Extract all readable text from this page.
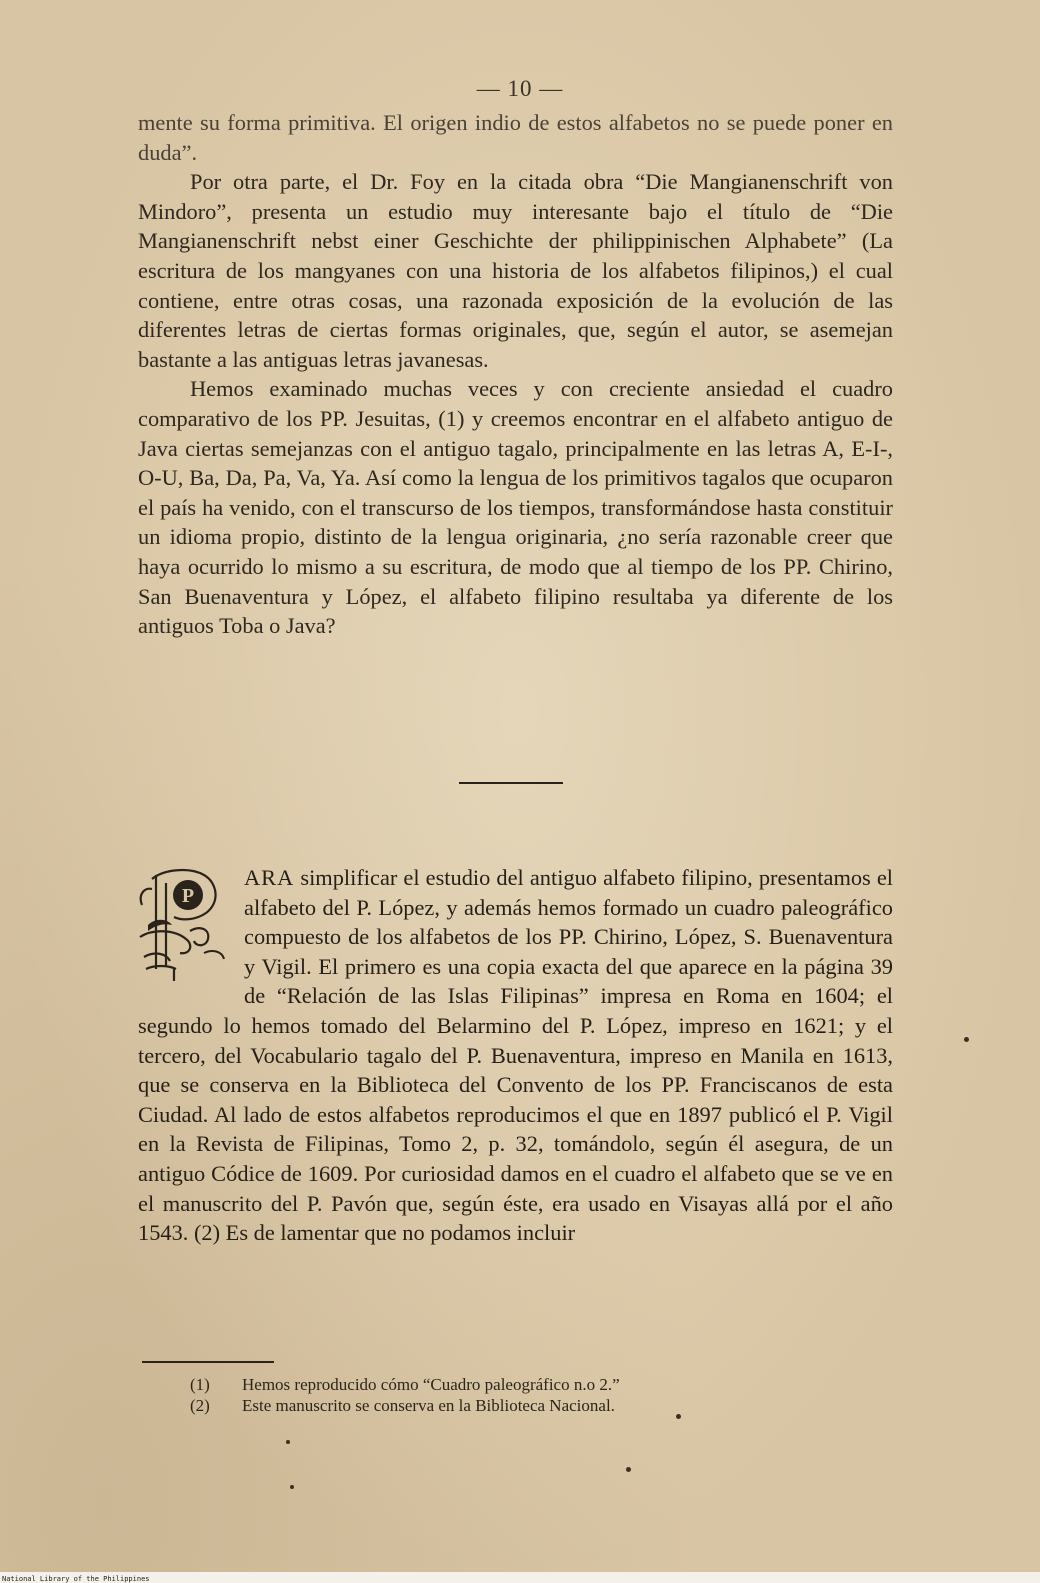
— 10 —

mente su forma primitiva. El origen indio de estos alfabetos no se puede poner en duda”.

Por otra parte, el Dr. Foy en la citada obra “Die Mangianenschrift von Mindoro”, presenta un estudio muy interesante bajo el título de “Die Mangianenschrift nebst einer Geschichte der philippinischen Alphabete” (La escritura de los mangyanes con una historia de los alfabetos filipinos,) el cual contiene, entre otras cosas, una razonada exposición de la evolución de las diferentes letras de ciertas formas originales, que, según el autor, se asemejan bastante a las antiguas letras javanesas.

Hemos examinado muchas veces y con creciente ansiedad el cuadro comparativo de los PP. Jesuitas, (1) y creemos encontrar en el alfabeto antiguo de Java ciertas semejanzas con el antiguo tagalo, principalmente en las letras A, E-I-, O-U, Ba, Da, Pa, Va, Ya. Así como la lengua de los primitivos tagalos que ocuparon el país ha venido, con el transcurso de los tiempos, transformándose hasta constituir un idioma propio, distinto de la lengua originaria, ¿no sería razonable creer que haya ocurrido lo mismo a su escritura, de modo que al tiempo de los PP. Chirino, San Buenaventura y López, el alfabeto filipino resultaba ya diferente de los antiguos Toba o Java?

P

ARA simplificar el estudio del antiguo alfabeto filipino, presentamos el alfabeto del P. López, y además hemos formado un cuadro paleográfico compuesto de los alfabetos de los PP. Chirino, López, S. Buenaventura y Vigil. El primero es una copia exacta del que aparece en la página 39 de “Relación de las Islas Filipinas” impresa en Roma en 1604; el segundo lo hemos tomado del Belarmino del P. López, impreso en 1621; y el tercero, del Vocabulario tagalo del P. Buenaventura, impreso en Manila en 1613, que se conserva en la Biblioteca del Convento de los PP. Franciscanos de esta Ciudad. Al lado de estos alfabetos reproducimos el que en 1897 publicó el P. Vigil en la Revista de Filipinas, Tomo 2, p. 32, tomándolo, según él asegura, de un antiguo Códice de 1609. Por curiosidad damos en el cuadro el alfabeto que se ve en el manuscrito del P. Pavón que, según éste, era usado en Visayas allá por el año 1543. (2) Es de lamentar que no podamos incluir

(1)	Hemos reproducido cómo “Cuadro paleográfico n.o 2.”
(2)	Este manuscrito se conserva en la Biblioteca Nacional.
National Library of the Philippines
